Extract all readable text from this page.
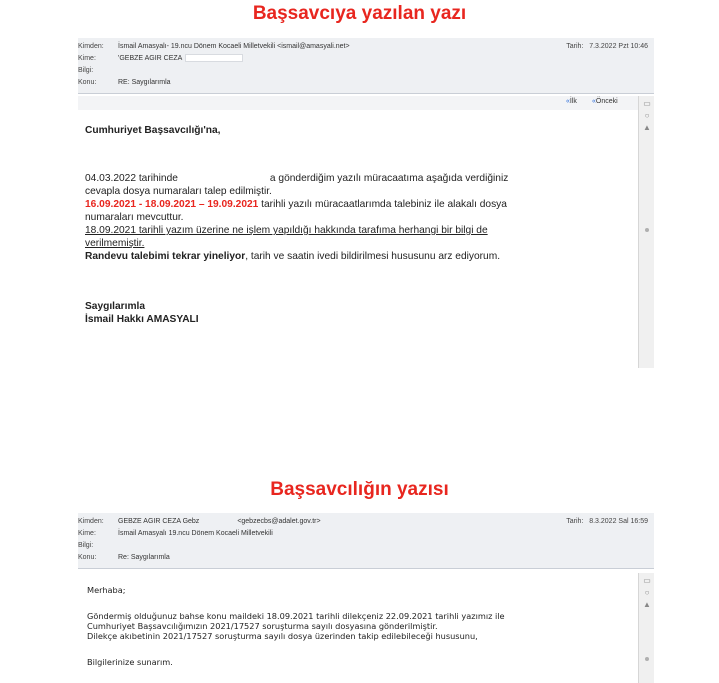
Başsavcıya yazılan yazı
Kimden:	İsmail Amasyalı- 19.ncu Dönem Kocaeli Milletvekili <ismail@amasyali.net>	Tarih: 7.3.2022 Pzt 10:46
Kime:	'GEBZE AGIR CEZA
Bilgi:
Konu:	RE: Saygılarımla
«İlk «Önceki	▭
○
▲
Cumhuriyet Başsavcılığı'na,
04.03.2022 tarihinde	a gönderdiğim yazılı müracaatıma aşağıda verdiğiniz
cevapla dosya numaraları talep edilmiştir.
16.09.2021 - 18.09.2021 – 19.09.2021 tarihli yazılı müracaatlarımda talebiniz ile alakalı dosya
numaraları mevcuttur.
18.09.2021 tarihli yazım üzerine ne işlem yapıldığı hakkında tarafıma herhangi bir bilgi de
verilmemiştir.
Randevu talebimi tekrar yineliyor, tarih ve saatin ivedi bildirilmesi hususunu arz ediyorum.
Saygılarımla
İsmail Hakkı AMASYALI
Başsavcılığın yazısı
Kimden:	GEBZE AGIR CEZA Gebz	<gebzecbs@adalet.gov.tr>	Tarih: 8.3.2022 Sal 16:59
Kime:	İsmail Amasyalı 19.ncu Dönem Kocaeli Milletvekili
Bilgi:
Konu:	Re: Saygılarımla
▭
○
▲
Merhaba;
Göndermiş olduğunuz bahse konu maildeki 18.09.2021 tarihli dilekçeniz 22.09.2021 tarihli yazımız ile
Cumhuriyet Başsavcılığımızın 2021/17527 soruşturma sayılı dosyasına gönderilmiştir.
Dilekçe akıbetinin 2021/17527 soruşturma sayılı dosya üzerinden takip edilebileceği hususunu,
Bilgilerinize sunarım.
